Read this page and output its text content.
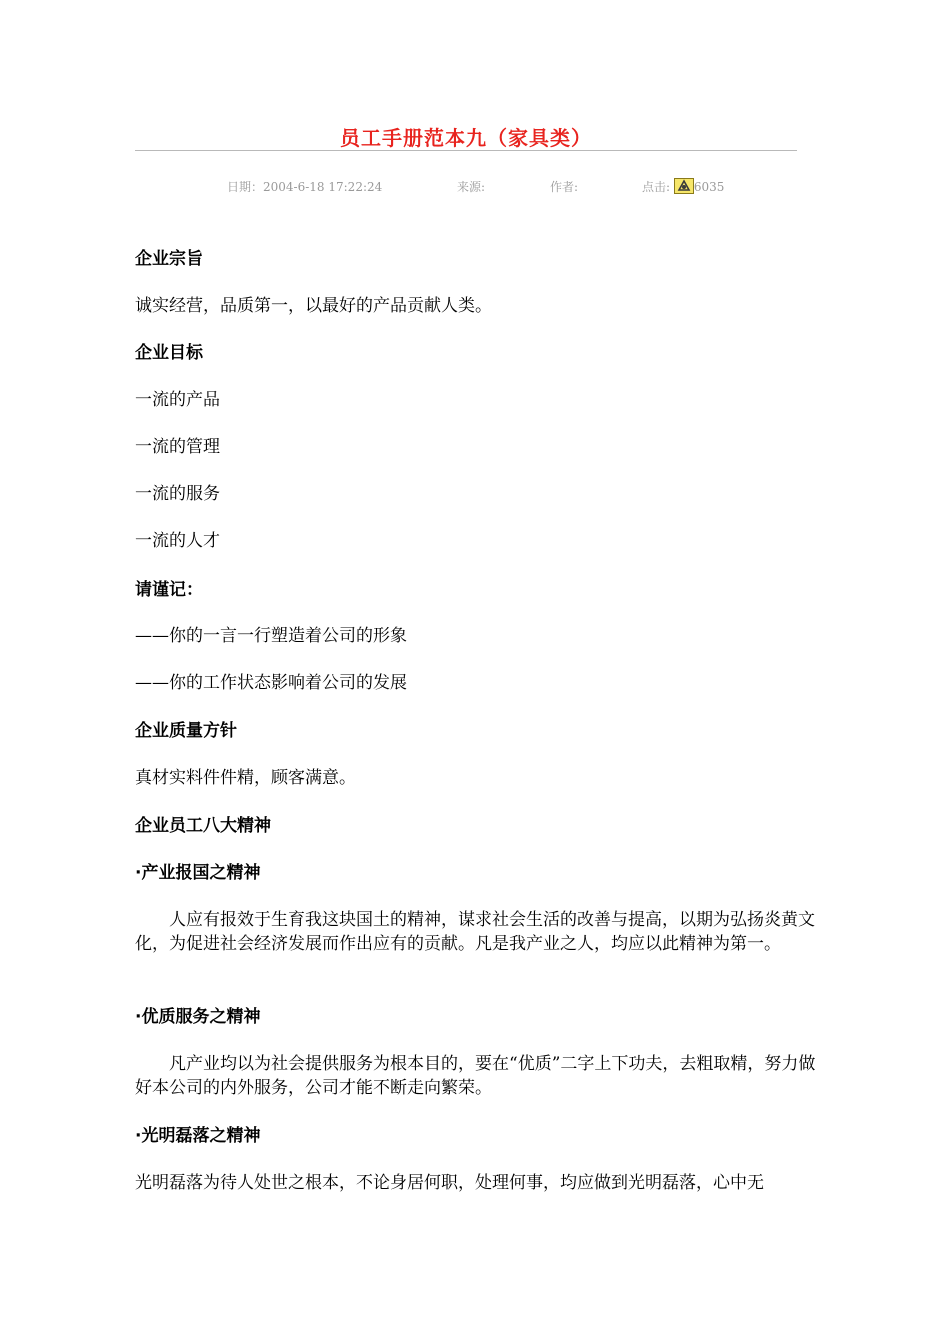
员工手册范本九（家具类）
日期：2004-6-18 17:22:24	来源:	作者:	点击: 6035
企业宗旨
诚实经营，品质第一，以最好的产品贡献人类。
企业目标
一流的产品
一流的管理
一流的服务
一流的人才
请谨记：
——你的一言一行塑造着公司的形象
——你的工作状态影响着公司的发展
企业质量方针
真材实料件件精，顾客满意。
企业员工八大精神
·产业报国之精神
人应有报效于生育我这块国土的精神，谋求社会生活的改善与提高，以期为弘扬炎黄文化，为促进社会经济发展而作出应有的贡献。凡是我产业之人，均应以此精神为第一。
·优质服务之精神
凡产业均以为社会提供服务为根本目的，要在“优质”二字上下功夫，去粗取精，努力做好本公司的内外服务，公司才能不断走向繁荣。
·光明磊落之精神
光明磊落为待人处世之根本，不论身居何职，处理何事，均应做到光明磊落，心中无
